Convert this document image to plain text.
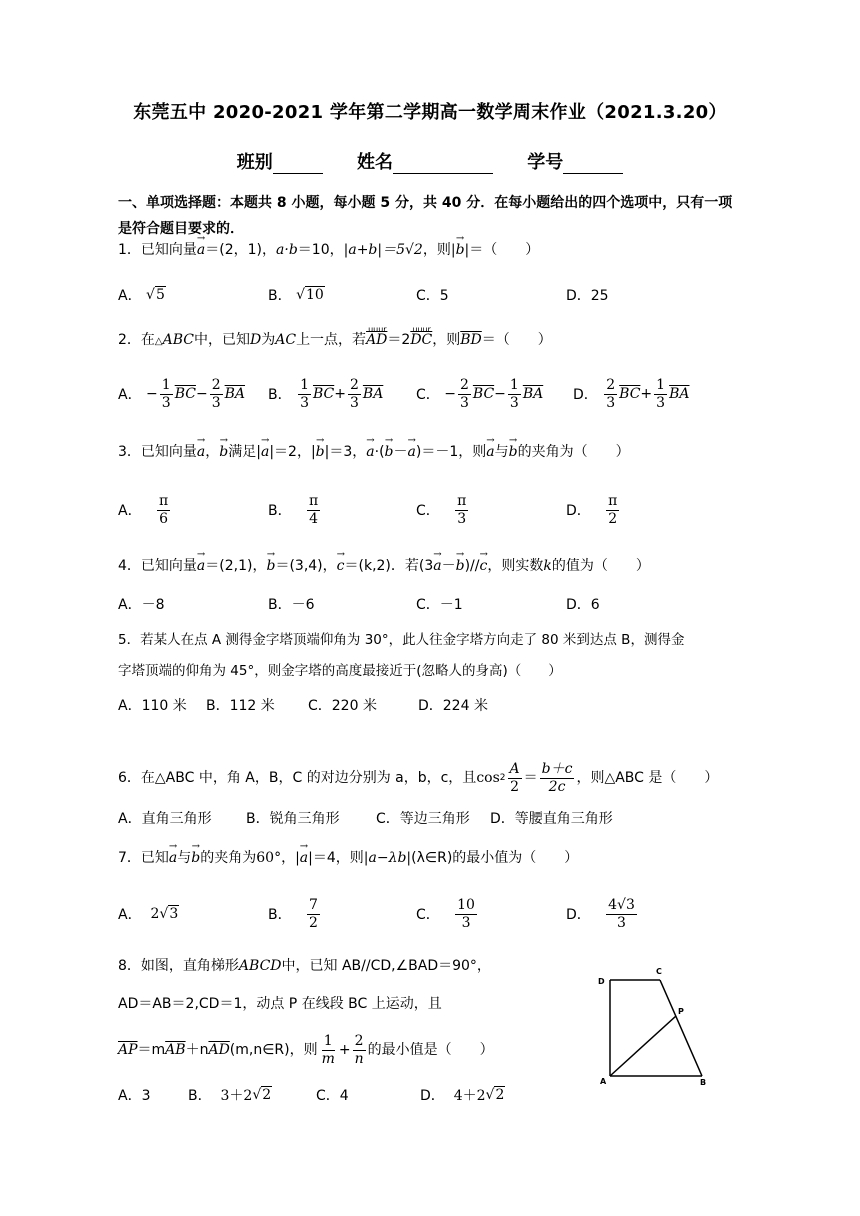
东莞五中 2020-2021 学年第二学期高一数学周末作业（2021.3.20）
班别	姓名	学号
一、单项选择题：本题共 8 小题，每小题 5 分，共 40 分．在每小题给出的四个选项中，只有一项是符合题目要求的．
1．已知向量→ a＝(2，1)，a·b＝10，|a+b|＝5√2，则|→ b|＝（　　）
A．
√5	B．
√10	C．5	D．25
2．在△ABC中，已知D为AC上一点，若
uuur
$\overline{AD}=2$
uuur
$\overline{DC}$，则$\overline{BD}=$（　　）
A．
− $\frac{1}{3} \overline{BC} - \frac{2}{3} \overline{BA}$ B．
$\frac{1}{3} \overline{BC} + \frac{2}{3} \overline{BA}$ C．
− $\frac{2}{3} \overline{BC} - \frac{1}{3} \overline{BA}$ D．
$\frac{2}{3} \overline{BC} + \frac{1}{3} \overline{BA}$
3．已知向量→ a，→ b满足|→ a|＝2，|→ b|＝3，→ a·(→ b－→ a)＝－1，则→ a与→ b的夹角为（　　）
A．
$\frac{\pi}{6}$	B．
$\frac{\pi}{4}$	C．
$\frac{\pi}{3}$	D．
$\frac{\pi}{2}$
4．已知向量→ a＝(2,1)，→ b＝(3,4)，→ c＝(k,2)．若(3→ a－→ b)//→ c，则实数k的值为（　　）
A．－8	B．－6	C．－1	D．6
5．若某人在点 A 测得金字塔顶端仰角为 30°，此人往金字塔方向走了 80 米到达点 B，测得金
字塔顶端的仰角为 45°，则金字塔的高度最接近于(忽略人的身高)（　　）
A．110 米 B．112 米 C．220 米	D．224 米
6．在△ABC 中，角 A，B，C 的对边分别为 a，b，c，且 $\cos 2 \frac{A}{2} = \frac{b+c}{2c}$ ，则△ABC 是（　　）
A．直角三角形 B．锐角三角形	C．等边三角形 D．等腰直角三角形
7．已知→ a与→ b的夹角为60°，|→ a|＝4，则|a−λb|(λ∈R)的最小值为（　　）
A．
2 √3	B．
$\frac{7}{2}$	C．
$\frac{10}{3}$	D．
$\frac{4√3}{3}$
8．如图，直角梯形ABCD中，已知 AB//CD,∠BAD＝90°，
AD＝AB＝2,CD＝1，动点 P 在线段 BC 上运动，且
$\overline{AP} =m$ $\overline{AB} +n$ $\overline{AD}$ (m,n∈R)，则 $\frac{1}{m} + \frac{2}{n}$ 的最小值是（　　）
A．3	B．
3＋2 √2	C．4	D．
4＋2 √2
D
C
P
A	B
